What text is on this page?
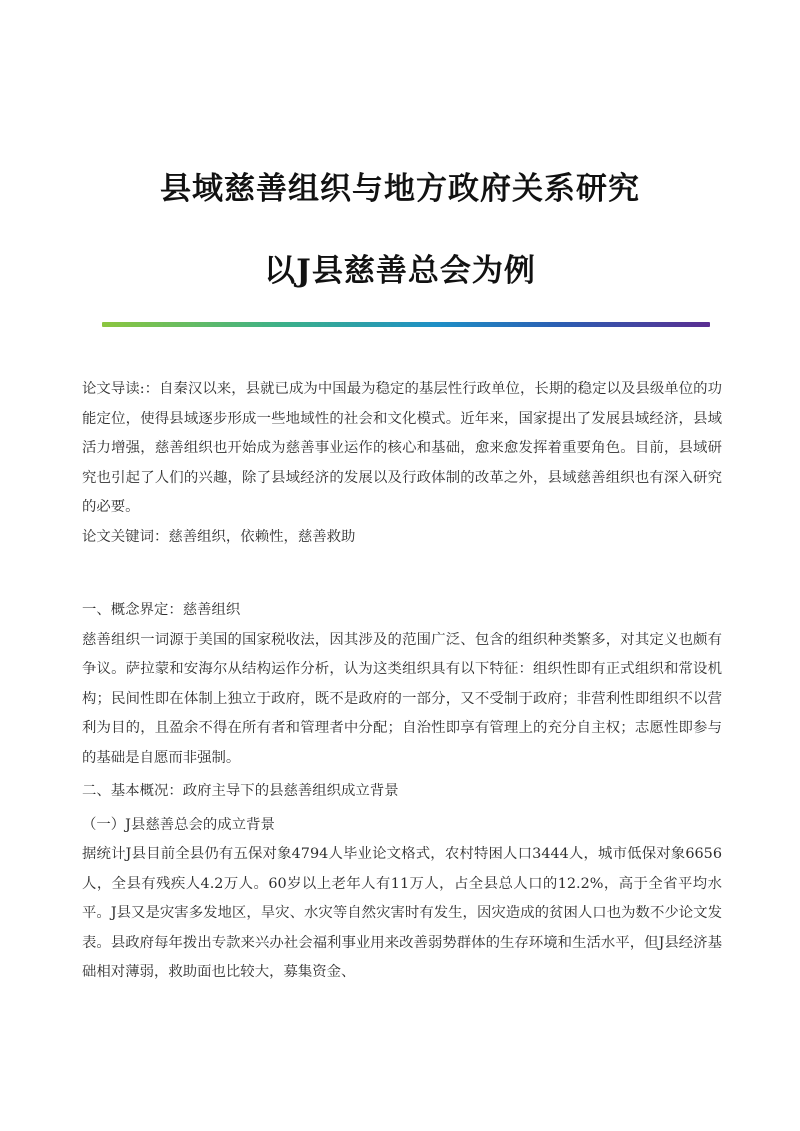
县域慈善组织与地方政府关系研究
以J县慈善总会为例

论文导读:：自秦汉以来，县就已成为中国最为稳定的基层性行政单位，长期的稳定以及县级单位的功能定位，使得县域逐步形成一些地域性的社会和文化模式。近年来，国家提出了发展县域经济，县域活力增强，慈善组织也开始成为慈善事业运作的核心和基础，愈来愈发挥着重要角色。目前，县域研究也引起了人们的兴趣，除了县域经济的发展以及行政体制的改革之外，县域慈善组织也有深入研究的必要。

论文关键词：慈善组织，依赖性，慈善救助

一、概念界定：慈善组织

慈善组织一词源于美国的国家税收法，因其涉及的范围广泛、包含的组织种类繁多，对其定义也颇有争议。萨拉蒙和安海尔从结构运作分析，认为这类组织具有以下特征：组织性即有正式组织和常设机构；民间性即在体制上独立于政府，既不是政府的一部分，又不受制于政府；非营利性即组织不以营利为目的，且盈余不得在所有者和管理者中分配；自治性即享有管理上的充分自主权；志愿性即参与的基础是自愿而非强制。

二、基本概况：政府主导下的县慈善组织成立背景

（一）J县慈善总会的成立背景

据统计J县目前全县仍有五保对象4794人毕业论文格式，农村特困人口3444人，城市低保对象6656人，全县有残疾人4.2万人。60岁以上老年人有11万人，占全县总人口的12.2%，高于全省平均水平。J县又是灾害多发地区，旱灾、水灾等自然灾害时有发生，因灾造成的贫困人口也为数不少论文发表。县政府每年拨出专款来兴办社会福利事业用来改善弱势群体的生存环境和生活水平，但J县经济基础相对薄弱，救助面也比较大，募集资金、
